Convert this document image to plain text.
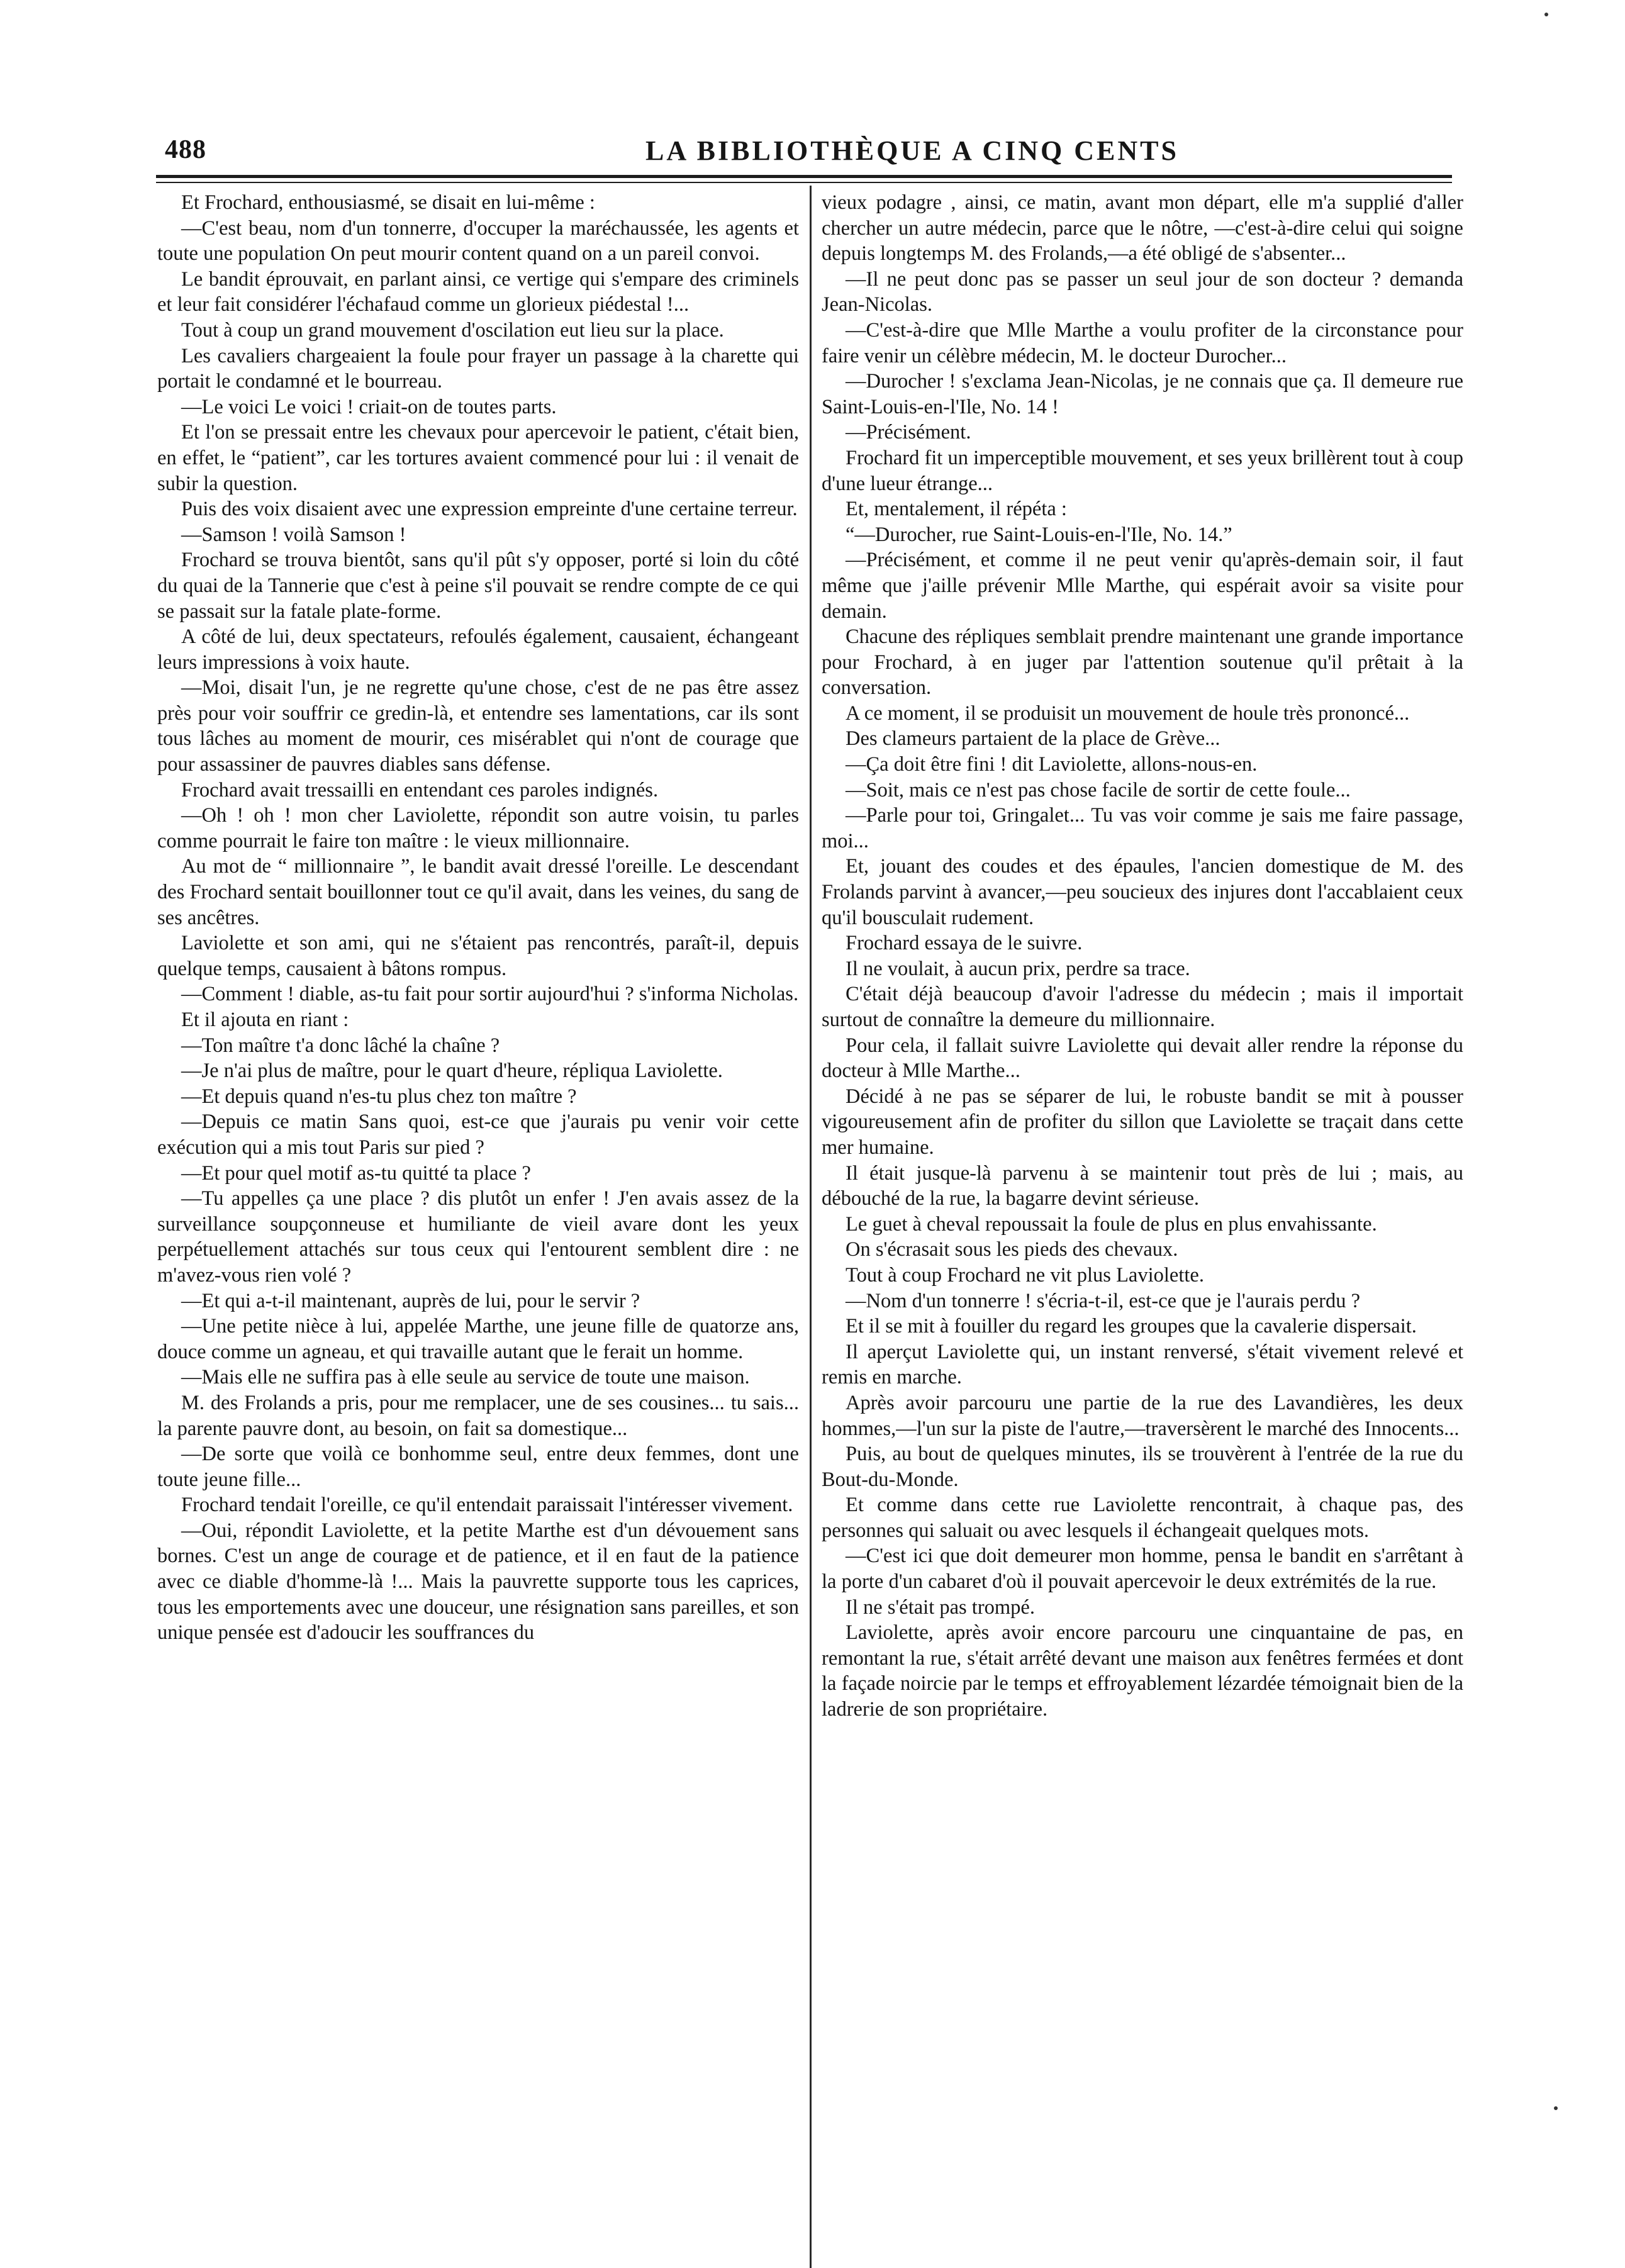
488	LA BIBLIOTHÈQUE A CINQ CENTS

Et Frochard, enthousiasmé, se disait en lui-même :

—C'est beau, nom d'un tonnerre, d'occuper la maréchaussée, les agents et toute une population On peut mourir content quand on a un pareil convoi.

Le bandit éprouvait, en parlant ainsi, ce vertige qui s'empare des criminels et leur fait considérer l'échafaud comme un glorieux piédestal !...

Tout à coup un grand mouvement d'oscilation eut lieu sur la place.

Les cavaliers chargeaient la foule pour frayer un passage à la charette qui portait le condamné et le bourreau.

—Le voici Le voici ! criait-on de toutes parts.

Et l'on se pressait entre les chevaux pour apercevoir le patient, c'était bien, en effet, le “patient”, car les tortures avaient commencé pour lui : il venait de subir la question.

Puis des voix disaient avec une expression empreinte d'une certaine terreur.

—Samson ! voilà Samson !

Frochard se trouva bientôt, sans qu'il pût s'y opposer, porté si loin du côté du quai de la Tannerie que c'est à peine s'il pouvait se rendre compte de ce qui se passait sur la fatale plate-forme.

A côté de lui, deux spectateurs, refoulés également, causaient, échangeant leurs impressions à voix haute.

—Moi, disait l'un, je ne regrette qu'une chose, c'est de ne pas être assez près pour voir souffrir ce gredin-là, et entendre ses lamentations, car ils sont tous lâches au moment de mourir, ces misérablet qui n'ont de courage que pour assassiner de pauvres diables sans défense.

Frochard avait tressailli en entendant ces paroles indignés.

—Oh ! oh ! mon cher Laviolette, répondit son autre voisin, tu parles comme pourrait le faire ton maître : le vieux millionnaire.

Au mot de “ millionnaire ”, le bandit avait dressé l'oreille. Le descendant des Frochard sentait bouillonner tout ce qu'il avait, dans les veines, du sang de ses ancêtres.

Laviolette et son ami, qui ne s'étaient pas rencontrés, paraît-il, depuis quelque temps, causaient à bâtons rompus.

—Comment ! diable, as-tu fait pour sortir aujourd'hui ? s'informa Nicholas.

Et il ajouta en riant :

—Ton maître t'a donc lâché la chaîne ?

—Je n'ai plus de maître, pour le quart d'heure, répliqua Laviolette.

—Et depuis quand n'es-tu plus chez ton maître ?

—Depuis ce matin Sans quoi, est-ce que j'aurais pu venir voir cette exécution qui a mis tout Paris sur pied ?

—Et pour quel motif as-tu quitté ta place ?

—Tu appelles ça une place ? dis plutôt un enfer ! J'en avais assez de la surveillance soupçonneuse et humiliante de vieil avare dont les yeux perpétuellement attachés sur tous ceux qui l'entourent semblent dire : ne m'avez-vous rien volé ?

—Et qui a-t-il maintenant, auprès de lui, pour le servir ?

—Une petite nièce à lui, appelée Marthe, une jeune fille de quatorze ans, douce comme un agneau, et qui travaille autant que le ferait un homme.

—Mais elle ne suffira pas à elle seule au service de toute une maison.

M. des Frolands a pris, pour me remplacer, une de ses cousines... tu sais... la parente pauvre dont, au besoin, on fait sa domestique...

—De sorte que voilà ce bonhomme seul, entre deux femmes, dont une toute jeune fille...

Frochard tendait l'oreille, ce qu'il entendait paraissait l'intéresser vivement.

—Oui, répondit Laviolette, et la petite Marthe est d'un dévouement sans bornes. C'est un ange de courage et de patience, et il en faut de la patience avec ce diable d'homme-là !... Mais la pauvrette supporte tous les caprices, tous les emportements avec une douceur, une résignation sans pareilles, et son unique pensée est d'adoucir les souffrances du

vieux podagre , ainsi, ce matin, avant mon départ, elle m'a supplié d'aller chercher un autre médecin, parce que le nôtre, —c'est-à-dire celui qui soigne depuis longtemps M. des Frolands,—a été obligé de s'absenter...

—Il ne peut donc pas se passer un seul jour de son docteur ? demanda Jean-Nicolas.

—C'est-à-dire que Mlle Marthe a voulu profiter de la circonstance pour faire venir un célèbre médecin, M. le docteur Durocher...

—Durocher ! s'exclama Jean-Nicolas, je ne connais que ça. Il demeure rue Saint-Louis-en-l'Ile, No. 14 !

—Précisément.

Frochard fit un imperceptible mouvement, et ses yeux brillèrent tout à coup d'une lueur étrange...

Et, mentalement, il répéta :

“—Durocher, rue Saint-Louis-en-l'Ile, No. 14.”

—Précisément, et comme il ne peut venir qu'après-demain soir, il faut même que j'aille prévenir Mlle Marthe, qui espérait avoir sa visite pour demain.

Chacune des répliques semblait prendre maintenant une grande importance pour Frochard, à en juger par l'attention soutenue qu'il prêtait à la conversation.

A ce moment, il se produisit un mouvement de houle très prononcé...

Des clameurs partaient de la place de Grève...

—Ça doit être fini ! dit Laviolette, allons-nous-en.

—Soit, mais ce n'est pas chose facile de sortir de cette foule...

—Parle pour toi, Gringalet... Tu vas voir comme je sais me faire passage, moi...

Et, jouant des coudes et des épaules, l'ancien domestique de M. des Frolands parvint à avancer,—peu soucieux des injures dont l'accablaient ceux qu'il bousculait rudement.

Frochard essaya de le suivre.

Il ne voulait, à aucun prix, perdre sa trace.

C'était déjà beaucoup d'avoir l'adresse du médecin ; mais il importait surtout de connaître la demeure du millionnaire.

Pour cela, il fallait suivre Laviolette qui devait aller rendre la réponse du docteur à Mlle Marthe...

Décidé à ne pas se séparer de lui, le robuste bandit se mit à pousser vigoureusement afin de profiter du sillon que Laviolette se traçait dans cette mer humaine.

Il était jusque-là parvenu à se maintenir tout près de lui ; mais, au débouché de la rue, la bagarre devint sérieuse.

Le guet à cheval repoussait la foule de plus en plus envahissante.

On s'écrasait sous les pieds des chevaux.

Tout à coup Frochard ne vit plus Laviolette.

—Nom d'un tonnerre ! s'écria-t-il, est-ce que je l'aurais perdu ?

Et il se mit à fouiller du regard les groupes que la cavalerie dispersait.

Il aperçut Laviolette qui, un instant renversé, s'était vivement relevé et remis en marche.

Après avoir parcouru une partie de la rue des Lavandières, les deux hommes,—l'un sur la piste de l'autre,—traversèrent le marché des Innocents...

Puis, au bout de quelques minutes, ils se trouvèrent à l'entrée de la rue du Bout-du-Monde.

Et comme dans cette rue Laviolette rencontrait, à chaque pas, des personnes qui saluait ou avec lesquels il échangeait quelques mots.

—C'est ici que doit demeurer mon homme, pensa le bandit en s'arrêtant à la porte d'un cabaret d'où il pouvait apercevoir le deux extrémités de la rue.

Il ne s'était pas trompé.

Laviolette, après avoir encore parcouru une cinquantaine de pas, en remontant la rue, s'était arrêté devant une maison aux fenêtres fermées et dont la façade noircie par le temps et effroyablement lézardée témoignait bien de la ladrerie de son propriétaire.
